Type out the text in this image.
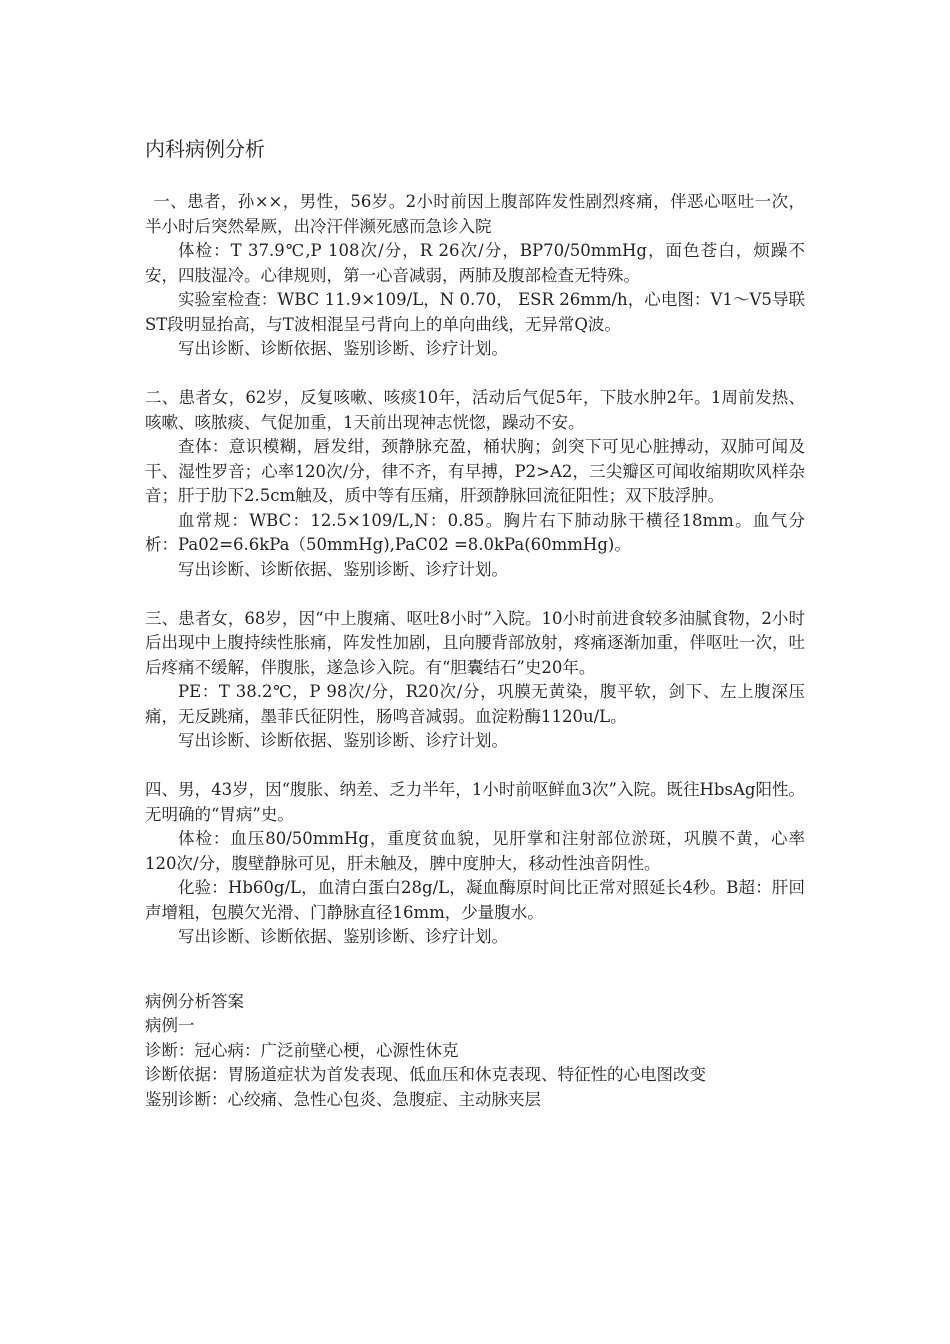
内科病例分析

一、患者，孙××，男性，56岁。2小时前因上腹部阵发性剧烈疼痛，伴恶心呕吐一次，半小时后突然晕厥，出冷汗伴濒死感而急诊入院

体检：T 37.9℃,P 108次/分，R 26次/分，BP70/50mmHg，面色苍白，烦躁不安，四肢湿冷。心律规则，第一心音减弱，两肺及腹部检查无特殊。

实验室检查：WBC 11.9×109/L，N 0.70， ESR 26mm/h，心电图：V1～V5导联ST段明显抬高，与T波相混呈弓背向上的单向曲线，无异常Q波。

写出诊断、诊断依据、鉴别诊断、诊疗计划。

二、患者女，62岁，反复咳嗽、咳痰10年，活动后气促5年，下肢水肿2年。1周前发热、咳嗽、咳脓痰、气促加重，1天前出现神志恍惚，躁动不安。

查体：意识模糊，唇发绀，颈静脉充盈，桶状胸；剑突下可见心脏搏动，双肺可闻及干、湿性罗音；心率120次/分，律不齐，有早搏，P2>A2，三尖瓣区可闻收缩期吹风样杂音；肝于肋下2.5cm触及，质中等有压痛，肝颈静脉回流征阳性；双下肢浮肿。

血常规：WBC：12.5×109/L,N：0.85。胸片右下肺动脉干横径18mm。血气分析：Pa02=6.6kPa（50mmHg),PaC02 =8.0kPa(60mmHg)。

写出诊断、诊断依据、鉴别诊断、诊疗计划。

三、患者女，68岁，因“中上腹痛、呕吐8小时”入院。10小时前进食较多油腻食物，2小时后出现中上腹持续性胀痛，阵发性加剧，且向腰背部放射，疼痛逐渐加重，伴呕吐一次，吐后疼痛不缓解，伴腹胀，遂急诊入院。有“胆囊结石”史20年。

PE：T 38.2℃，P 98次/分，R20次/分，巩膜无黄染，腹平软，剑下、左上腹深压痛，无反跳痛，墨菲氏征阴性，肠鸣音减弱。血淀粉酶1120u/L。

写出诊断、诊断依据、鉴别诊断、诊疗计划。

四、男，43岁，因“腹胀、纳差、乏力半年，1小时前呕鲜血3次”入院。既往HbsAg阳性。无明确的“胃病”史。

体检：血压80/50mmHg，重度贫血貌，见肝掌和注射部位淤斑，巩膜不黄，心率120次/分，腹壁静脉可见，肝未触及，脾中度肿大，移动性浊音阴性。

化验：Hb60g/L，血清白蛋白28g/L，凝血酶原时间比正常对照延长4秒。B超：肝回声增粗，包膜欠光滑、门静脉直径16mm，少量腹水。

写出诊断、诊断依据、鉴别诊断、诊疗计划。

病例分析答案

病例一

诊断：冠心病：广泛前壁心梗，心源性休克

诊断依据：胃肠道症状为首发表现、低血压和休克表现、特征性的心电图改变

鉴别诊断：心绞痛、急性心包炎、急腹症、主动脉夹层
